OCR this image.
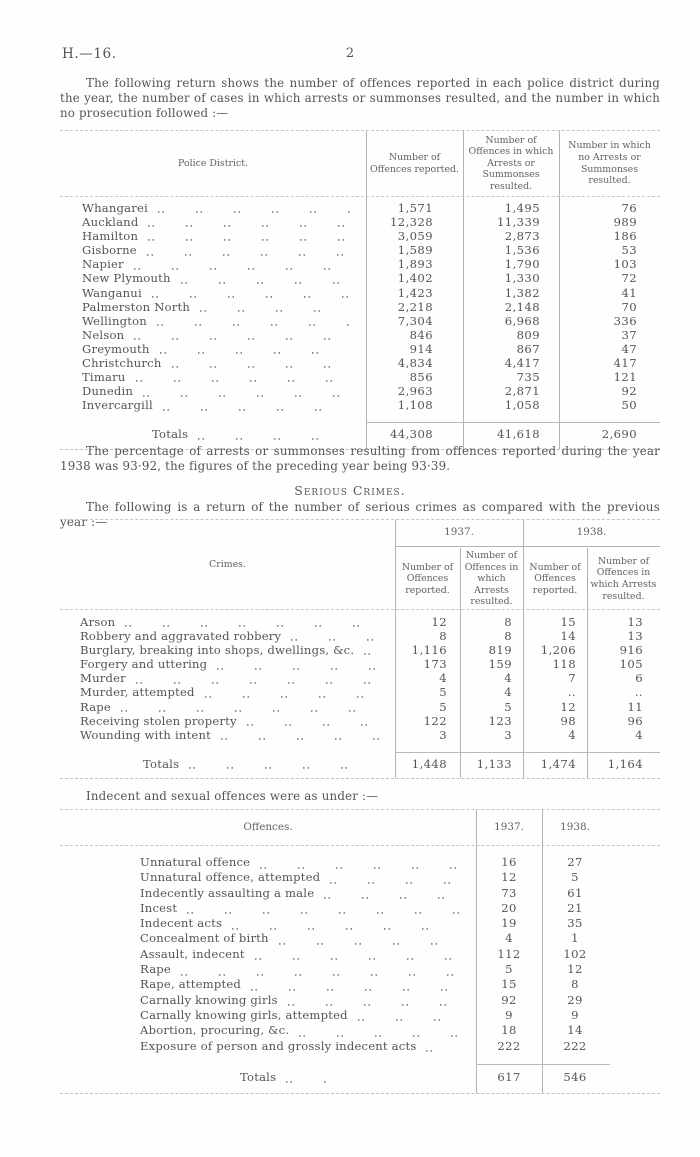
H.—16.	2
The following return shows the number of offences reported in each police district during the year, the number of cases in which arrests or summonses resulted, and the number in which no prosecution followed :—
Police District.
Number of Offences reported.
Number of Offences in which Arrests or Summonses resulted.
Number in which no Arrests or Summonses resulted.
Whangarei	1,571	1,495	76
Auckland	12,328	11,339	989
Hamilton	3,059	2,873	186
Gisborne	1,589	1,536	53
Napier	1,893	1,790	103
New Plymouth	1,402	1,330	72
Wanganui	1,423	1,382	41
Palmerston North	2,218	2,148	70
Wellington	7,304	6,968	336
Nelson	846	809	37
Greymouth	914	867	47
Christchurch	4,834	4,417	417
Timaru	856	735	121
Dunedin	2,963	2,871	92
Invercargill	1,108	1,058	50
Totals	44,308	41,618	2,690
The percentage of arrests or summonses resulting from offences reported during the year 1938 was 93·92, the figures of the preceding year being 93·39.
Serious Crimes.
The following is a return of the number of serious crimes as compared with the previous year :—
Crimes.
1937.	1938.
Number of Offences reported.
Number of Offences in which Arrests resulted.
Number of Offences reported.
Number of Offences in which Arrests resulted.
Arson	12	8	15	13
Robbery and aggravated robbery	8	8	14	13
Burglary, breaking into shops, dwellings, &c.	1,116	819	1,206	916
Forgery and uttering	173	159	118	105
Murder	4	4	7	6
Murder, attempted	5	4	..	..
Rape	5	5	12	11
Receiving stolen property	122	123	98	96
Wounding with intent	3	3	4	4
Totals	1,448	1,133	1,474	1,164
Indecent and sexual offences were as under :—
Offences.	1937.	1938.
Unnatural offence	16	27
Unnatural offence, attempted	12	5
Indecently assaulting a male	73	61
Incest	20	21
Indecent acts	19	35
Concealment of birth	4	1
Assault, indecent	112	102
Rape	5	12
Rape, attempted	15	8
Carnally knowing girls	92	29
Carnally knowing girls, attempted	9	9
Abortion, procuring, &c.	18	14
Exposure of person and grossly indecent acts	222	222
Totals	617	546
